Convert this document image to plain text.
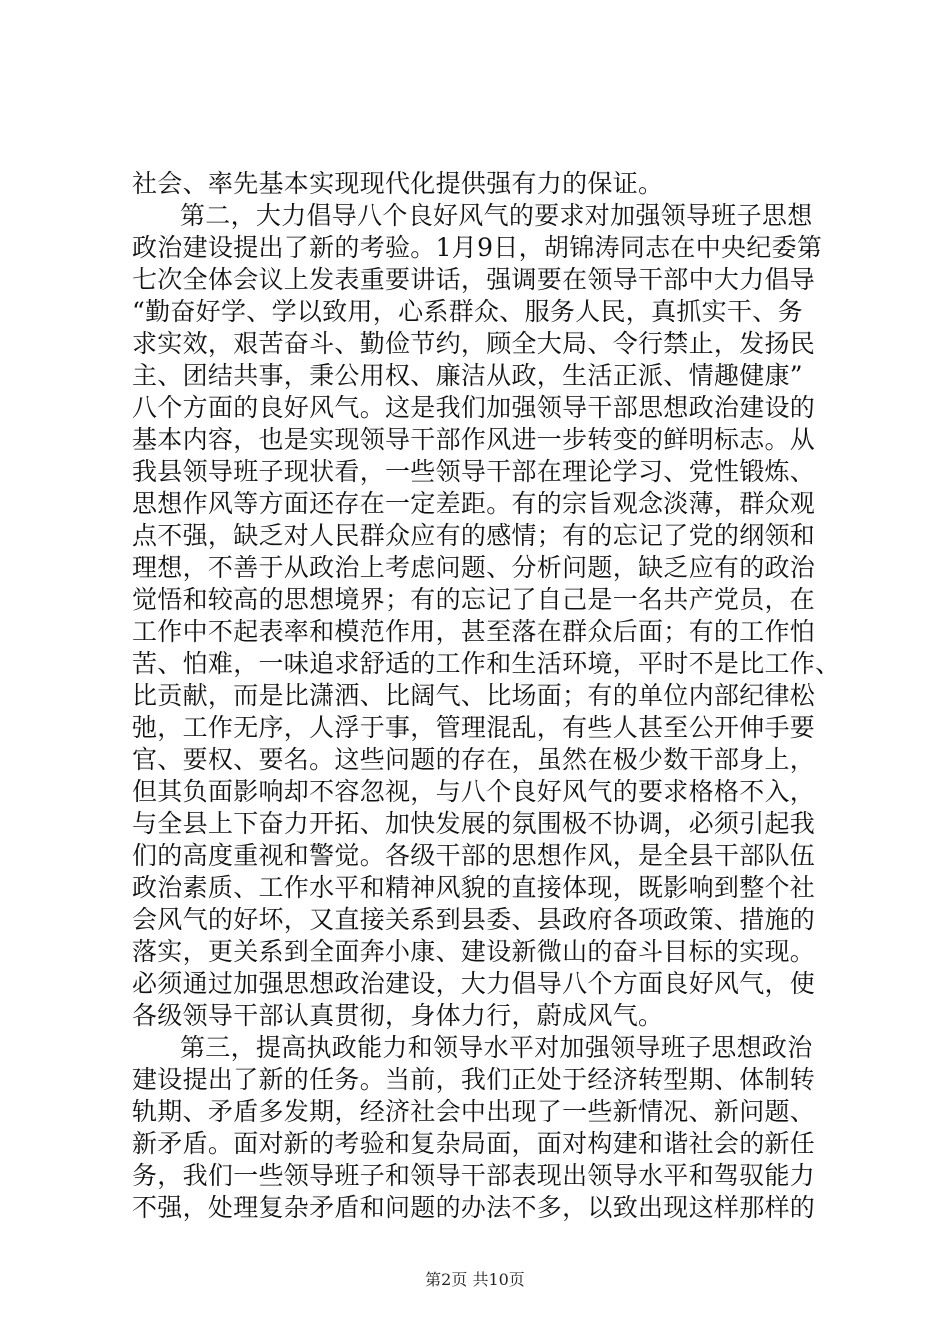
社会、率先基本实现现代化提供强有力的保证。
第二，大力倡导八个良好风气的要求对加强领导班子思想
政治建设提出了新的考验。1月9日，胡锦涛同志在中央纪委第
七次全体会议上发表重要讲话，强调要在领导干部中大力倡导
“勤奋好学、学以致用，心系群众、服务人民，真抓实干、务
求实效，艰苦奋斗、勤俭节约，顾全大局、令行禁止，发扬民
主、团结共事，秉公用权、廉洁从政，生活正派、情趣健康”
八个方面的良好风气。这是我们加强领导干部思想政治建设的
基本内容，也是实现领导干部作风进一步转变的鲜明标志。从
我县领导班子现状看，一些领导干部在理论学习、党性锻炼、
思想作风等方面还存在一定差距。有的宗旨观念淡薄，群众观
点不强，缺乏对人民群众应有的感情；有的忘记了党的纲领和
理想，不善于从政治上考虑问题、分析问题，缺乏应有的政治
觉悟和较高的思想境界；有的忘记了自己是一名共产党员，在
工作中不起表率和模范作用，甚至落在群众后面；有的工作怕
苦、怕难，一味追求舒适的工作和生活环境，平时不是比工作、
比贡献，而是比潇洒、比阔气、比场面；有的单位内部纪律松
弛，工作无序，人浮于事，管理混乱，有些人甚至公开伸手要
官、要权、要名。这些问题的存在，虽然在极少数干部身上，
但其负面影响却不容忽视，与八个良好风气的要求格格不入，
与全县上下奋力开拓、加快发展的氛围极不协调，必须引起我
们的高度重视和警觉。各级干部的思想作风，是全县干部队伍
政治素质、工作水平和精神风貌的直接体现，既影响到整个社
会风气的好坏，又直接关系到县委、县政府各项政策、措施的
落实，更关系到全面奔小康、建设新微山的奋斗目标的实现。
必须通过加强思想政治建设，大力倡导八个方面良好风气，使
各级领导干部认真贯彻，身体力行，蔚成风气。
第三，提高执政能力和领导水平对加强领导班子思想政治
建设提出了新的任务。当前，我们正处于经济转型期、体制转
轨期、矛盾多发期，经济社会中出现了一些新情况、新问题、
新矛盾。面对新的考验和复杂局面，面对构建和谐社会的新任
务，我们一些领导班子和领导干部表现出领导水平和驾驭能力
不强，处理复杂矛盾和问题的办法不多，以致出现这样那样的
第2页 共10页
